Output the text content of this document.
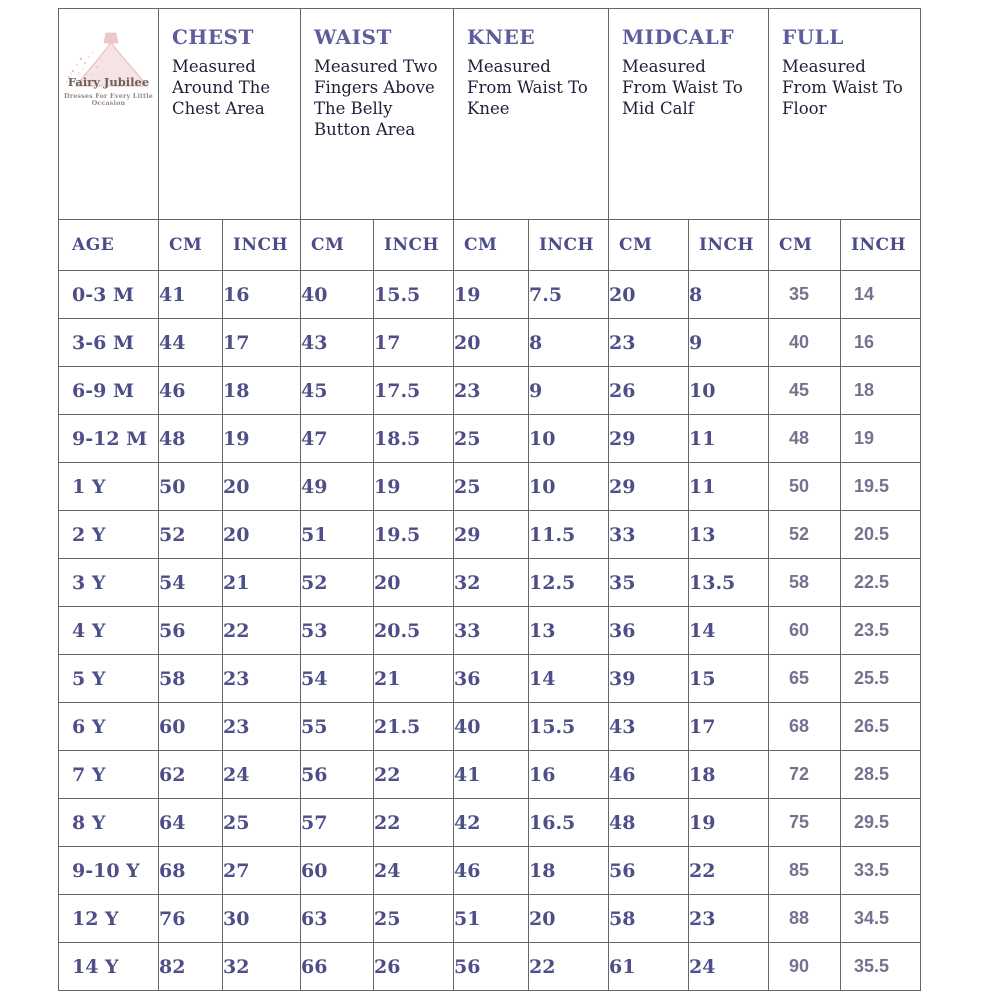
Fairy Jubilee
Dresses For Every Little Occasion

CHEST
Measured Around The Chest Area

WAIST
Measured Two Fingers Above The Belly Button Area

KNEE
Measured From Waist To Knee

MIDCALF
Measured From Waist To Mid Calf

FULL
Measured From Waist To Floor

AGE	CM	INCH	CM	INCH	CM	INCH	CM	INCH	CM	INCH
0-3 M	41	16	40	15.5	19	7.5	20	8	35	14
3-6 M	44	17	43	17	20	8	23	9	40	16
6-9 M	46	18	45	17.5	23	9	26	10	45	18
9-12 M	48	19	47	18.5	25	10	29	11	48	19
1 Y	50	20	49	19	25	10	29	11	50	19.5
2 Y	52	20	51	19.5	29	11.5	33	13	52	20.5
3 Y	54	21	52	20	32	12.5	35	13.5	58	22.5
4 Y	56	22	53	20.5	33	13	36	14	60	23.5
5 Y	58	23	54	21	36	14	39	15	65	25.5
6 Y	60	23	55	21.5	40	15.5	43	17	68	26.5
7 Y	62	24	56	22	41	16	46	18	72	28.5
8 Y	64	25	57	22	42	16.5	48	19	75	29.5
9-10 Y	68	27	60	24	46	18	56	22	85	33.5
12 Y	76	30	63	25	51	20	58	23	88	34.5
14 Y	82	32	66	26	56	22	61	24	90	35.5
